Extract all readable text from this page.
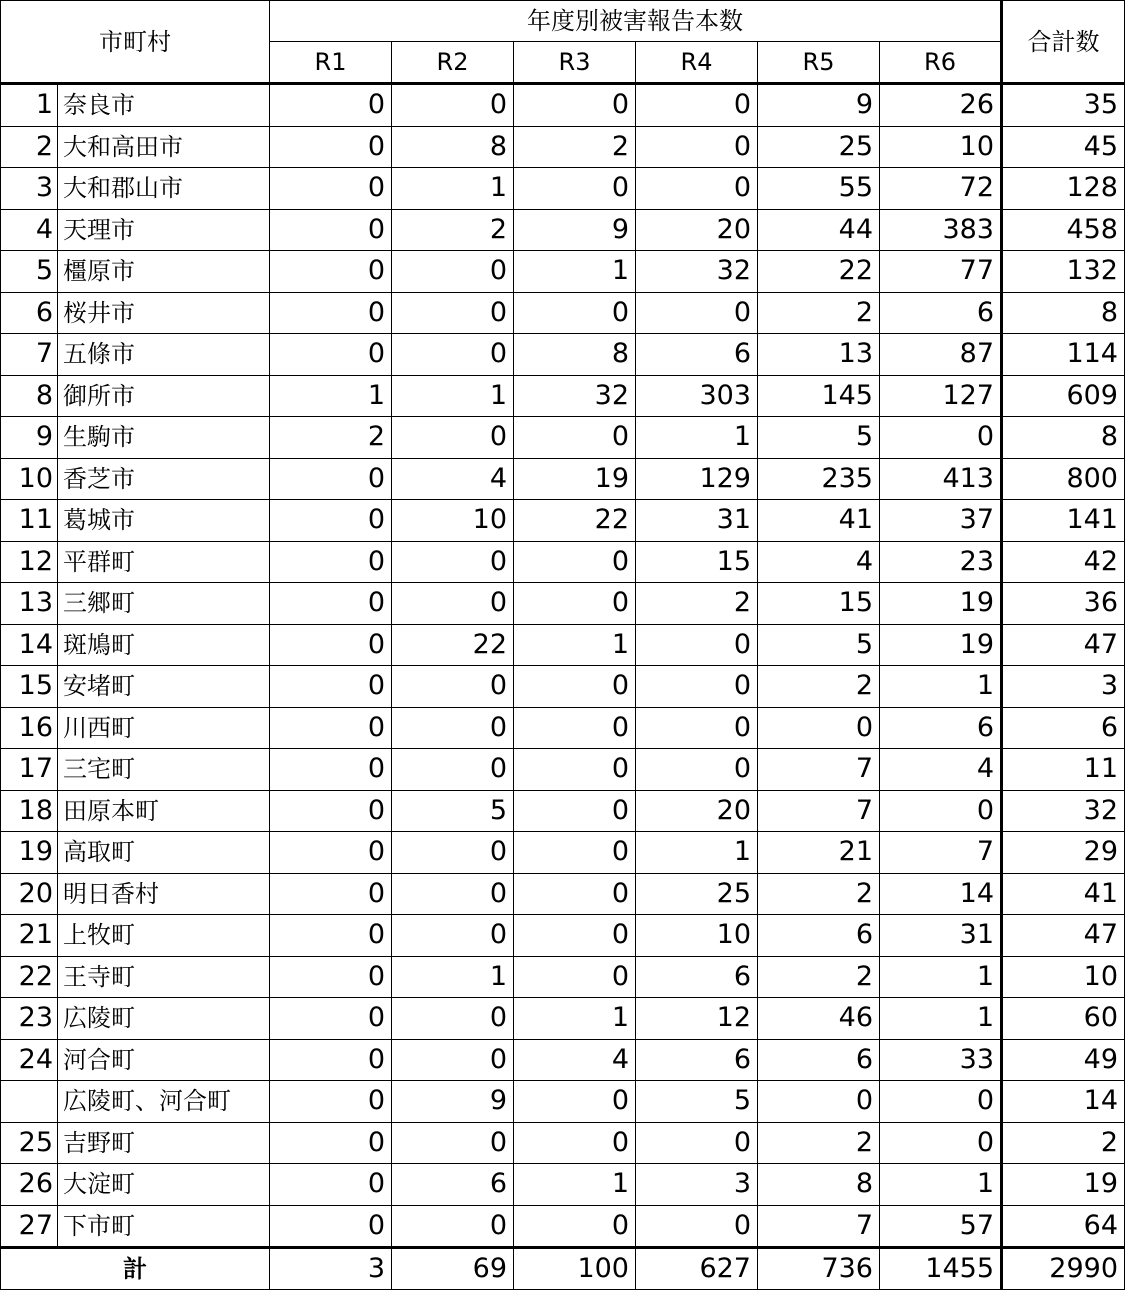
市町村		年度別被害報告本数						合計数
		R1	R2	R3	R4	R5	R6	
1	奈良市	0	0	0	0	9	26	35
2	大和高田市	0	8	2	0	25	10	45
3	大和郡山市	0	1	0	0	55	72	128
4	天理市	0	2	9	20	44	383	458
5	橿原市	0	0	1	32	22	77	132
6	桜井市	0	0	0	0	2	6	8
7	五條市	0	0	8	6	13	87	114
8	御所市	1	1	32	303	145	127	609
9	生駒市	2	0	0	1	5	0	8
10	香芝市	0	4	19	129	235	413	800
11	葛城市	0	10	22	31	41	37	141
12	平群町	0	0	0	15	4	23	42
13	三郷町	0	0	0	2	15	19	36
14	斑鳩町	0	22	1	0	5	19	47
15	安堵町	0	0	0	0	2	1	3
16	川西町	0	0	0	0	0	6	6
17	三宅町	0	0	0	0	7	4	11
18	田原本町	0	5	0	20	7	0	32
19	高取町	0	0	0	1	21	7	29
20	明日香村	0	0	0	25	2	14	41
21	上牧町	0	0	0	10	6	31	47
22	王寺町	0	1	0	6	2	1	10
23	広陵町	0	0	1	12	46	1	60
24	河合町	0	0	4	6	6	33	49
	広陵町、河合町	0	9	0	5	0	0	14
25	吉野町	0	0	0	0	2	0	2
26	大淀町	0	6	1	3	8	1	19
27	下市町	0	0	0	0	7	57	64
計		3	69	100	627	736	1455	2990
